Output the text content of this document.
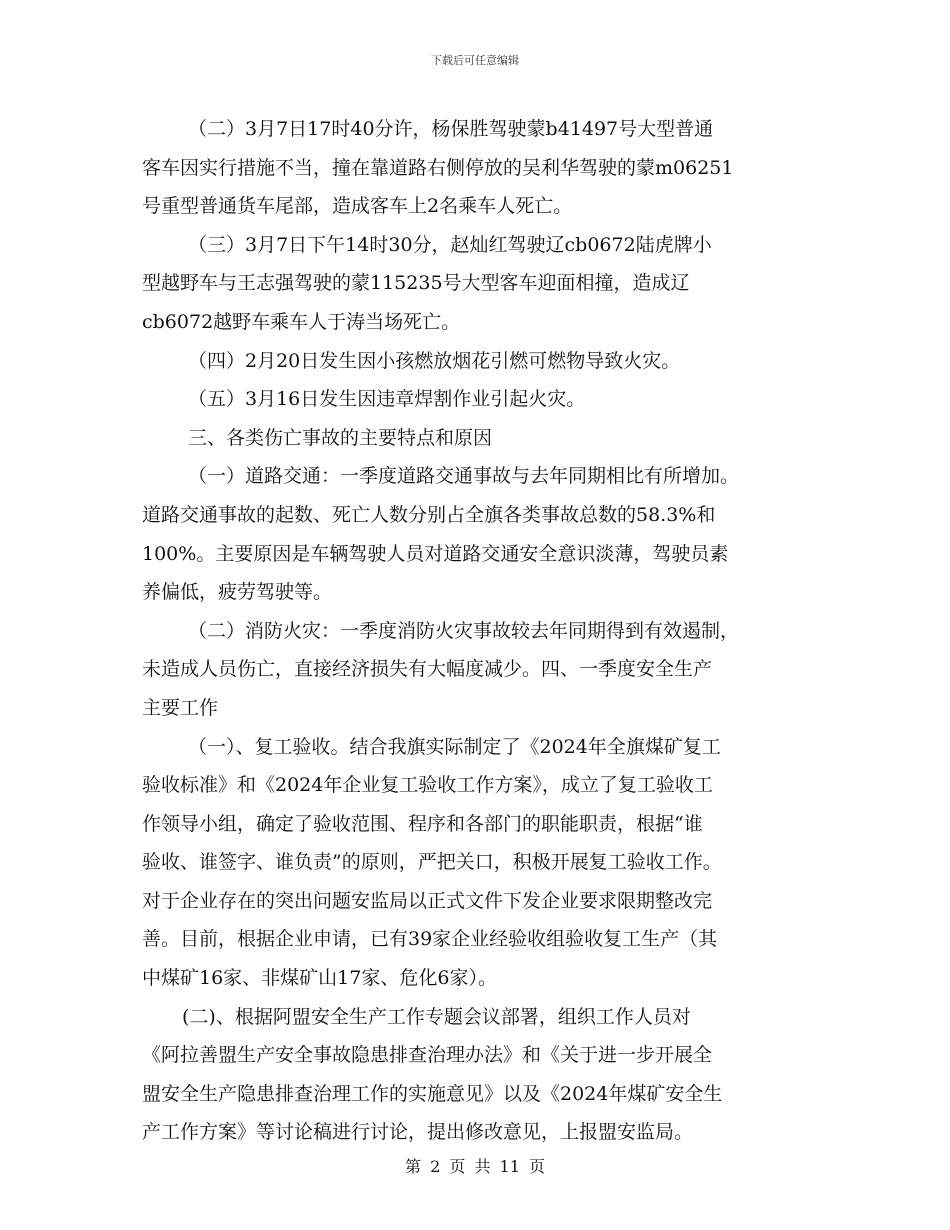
下载后可任意编辑
（二）3月7日17时40分许，杨保胜驾驶蒙b41497号大型普通
客车因实行措施不当，撞在靠道路右侧停放的吴利华驾驶的蒙m06251
号重型普通货车尾部，造成客车上2名乘车人死亡。
（三）3月7日下午14时30分，赵灿红驾驶辽cb0672陆虎牌小
型越野车与王志强驾驶的蒙115235号大型客车迎面相撞，造成辽
cb6072越野车乘车人于涛当场死亡。
（四）2月20日发生因小孩燃放烟花引燃可燃物导致火灾。
（五）3月16日发生因违章焊割作业引起火灾。
三、各类伤亡事故的主要特点和原因
（一）道路交通：一季度道路交通事故与去年同期相比有所增加。
道路交通事故的起数、死亡人数分别占全旗各类事故总数的58.3%和
100%。主要原因是车辆驾驶人员对道路交通安全意识淡薄，驾驶员素
养偏低，疲劳驾驶等。
（二）消防火灾：一季度消防火灾事故较去年同期得到有效遏制，
未造成人员伤亡，直接经济损失有大幅度减少。四、一季度安全生产
主要工作
（一）、复工验收。结合我旗实际制定了《2024年全旗煤矿复工
验收标准》和《2024年企业复工验收工作方案》，成立了复工验收工
作领导小组，确定了验收范围、程序和各部门的职能职责，根据“谁
验收、谁签字、谁负责”的原则，严把关口，积极开展复工验收工作。
对于企业存在的突出问题安监局以正式文件下发企业要求限期整改完
善。目前，根据企业申请，已有39家企业经验收组验收复工生产（其
中煤矿16家、非煤矿山17家、危化6家）。
(二)、根据阿盟安全生产工作专题会议部署，组织工作人员对
《阿拉善盟生产安全事故隐患排查治理办法》和《关于进一步开展全
盟安全生产隐患排查治理工作的实施意见》以及《2024年煤矿安全生
产工作方案》等讨论稿进行讨论，提出修改意见，上报盟安监局。
第 2 页 共 11 页
